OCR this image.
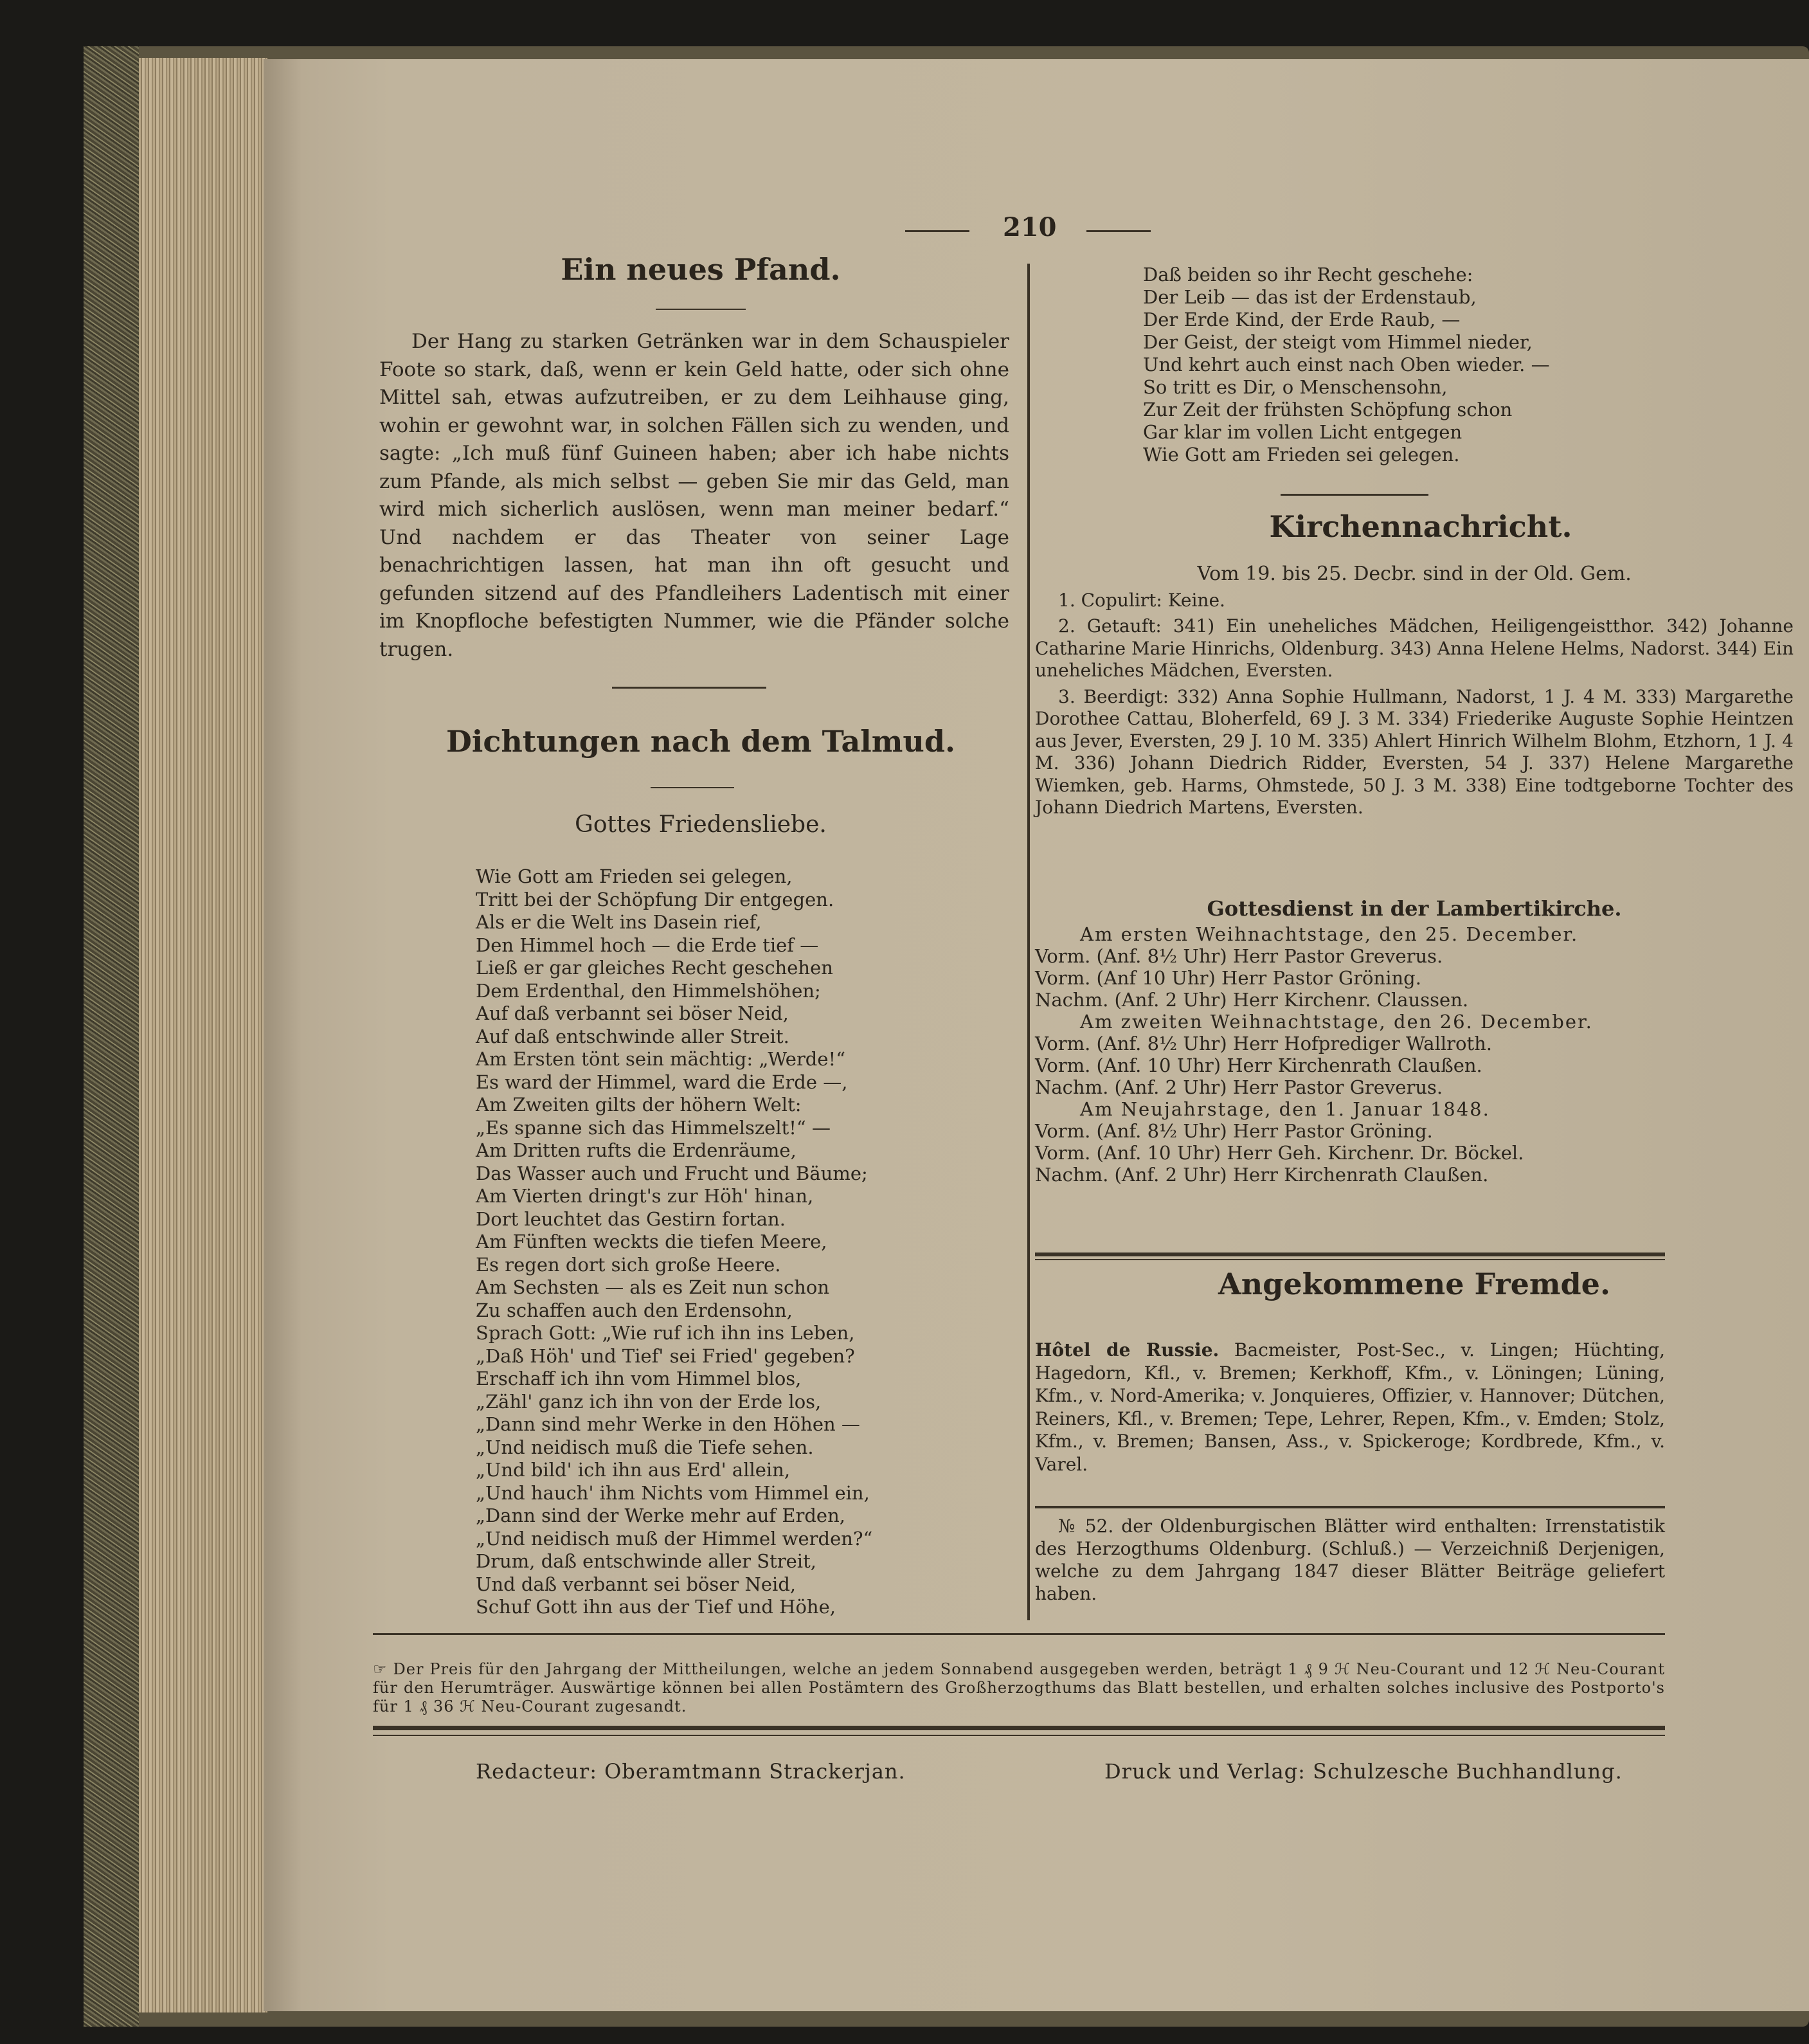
210
Ein neues Pfand.

Der Hang zu starken Getränken war in dem Schauspieler Foote so stark, daß, wenn er kein Geld hatte, oder sich ohne Mittel sah, etwas aufzutreiben, er zu dem Leihhause ging, wohin er gewohnt war, in solchen Fällen sich zu wenden, und sagte: „Ich muß fünf Guineen haben; aber ich habe nichts zum Pfande, als mich selbst — geben Sie mir das Geld, man wird mich sicherlich auslösen, wenn man meiner bedarf.“ Und nachdem er das Theater von seiner Lage benachrichtigen lassen, hat man ihn oft gesucht und gefunden sitzend auf des Pfandleihers Ladentisch mit einer im Knopfloche befestigten Nummer, wie die Pfänder solche trugen.

Dichtungen nach dem Talmud.
Gottes Friedensliebe.
Wie Gott am Frieden sei gelegen,
Tritt bei der Schöpfung Dir entgegen.
Als er die Welt ins Dasein rief,
Den Himmel hoch — die Erde tief —
Ließ er gar gleiches Recht geschehen
Dem Erdenthal, den Himmelshöhen;
Auf daß verbannt sei böser Neid,
Auf daß entschwinde aller Streit.
Am Ersten tönt sein mächtig: „Werde!“
Es ward der Himmel, ward die Erde —,
Am Zweiten gilts der höhern Welt:
„Es spanne sich das Himmelszelt!“ —
Am Dritten rufts die Erdenräume,
Das Wasser auch und Frucht und Bäume;
Am Vierten dringt's zur Höh' hinan,
Dort leuchtet das Gestirn fortan.
Am Fünften weckts die tiefen Meere,
Es regen dort sich große Heere.
Am Sechsten — als es Zeit nun schon
Zu schaffen auch den Erdensohn,
Sprach Gott: „Wie ruf ich ihn ins Leben,
„Daß Höh' und Tief' sei Fried' gegeben?
Erschaff ich ihn vom Himmel blos,
„Zähl' ganz ich ihn von der Erde los,
„Dann sind mehr Werke in den Höhen —
„Und neidisch muß die Tiefe sehen.
„Und bild' ich ihn aus Erd' allein,
„Und hauch' ihm Nichts vom Himmel ein,
„Dann sind der Werke mehr auf Erden,
„Und neidisch muß der Himmel werden?“
Drum, daß entschwinde aller Streit,
Und daß verbannt sei böser Neid,
Schuf Gott ihn aus der Tief und Höhe,
Daß beiden so ihr Recht geschehe:
Der Leib — das ist der Erdenstaub,
Der Erde Kind, der Erde Raub, —
Der Geist, der steigt vom Himmel nieder,
Und kehrt auch einst nach Oben wieder. —
So tritt es Dir, o Menschensohn,
Zur Zeit der frühsten Schöpfung schon
Gar klar im vollen Licht entgegen
Wie Gott am Frieden sei gelegen.
Kirchennachricht.

Vom 19. bis 25. Decbr. sind in der Old. Gem.

1. Copulirt: Keine.

2. Getauft: 341) Ein uneheliches Mädchen, Heiligengeistthor. 342) Johanne Catharine Marie Hinrichs, Oldenburg. 343) Anna Helene Helms, Nadorst. 344) Ein uneheliches Mädchen, Eversten.

3. Beerdigt: 332) Anna Sophie Hullmann, Nadorst, 1 J. 4 M. 333) Margarethe Dorothee Cattau, Bloherfeld, 69 J. 3 M. 334) Friederike Auguste Sophie Heintzen aus Jever, Eversten, 29 J. 10 M. 335) Ahlert Hinrich Wilhelm Blohm, Etzhorn, 1 J. 4 M. 336) Johann Diedrich Ridder, Eversten, 54 J. 337) Helene Margarethe Wiemken, geb. Harms, Ohmstede, 50 J. 3 M. 338) Eine todtgeborne Tochter des Johann Diedrich Martens, Eversten.

Gottesdienst in der Lambertikirche.
Am ersten Weihnachtstage, den 25. December.
Vorm. (Anf. 8½ Uhr) Herr Pastor Greverus.
Vorm. (Anf 10 Uhr) Herr Pastor Gröning.
Nachm. (Anf. 2 Uhr) Herr Kirchenr. Claussen.
Am zweiten Weihnachtstage, den 26. December.
Vorm. (Anf. 8½ Uhr) Herr Hofprediger Wallroth.
Vorm. (Anf. 10 Uhr) Herr Kirchenrath Claußen.
Nachm. (Anf. 2 Uhr) Herr Pastor Greverus.
Am Neujahrstage, den 1. Januar 1848.
Vorm. (Anf. 8½ Uhr) Herr Pastor Gröning.
Vorm. (Anf. 10 Uhr) Herr Geh. Kirchenr. Dr. Böckel.
Nachm. (Anf. 2 Uhr) Herr Kirchenrath Claußen.
Angekommene Fremde.

Hôtel de Russie. Bacmeister, Post-Sec., v. Lingen; Hüchting, Hagedorn, Kfl., v. Bremen; Kerkhoff, Kfm., v. Löningen; Lüning, Kfm., v. Nord-Amerika; v. Jonquieres, Offizier, v. Hannover; Dütchen, Reiners, Kfl., v. Bremen; Tepe, Lehrer, Repen, Kfm., v. Emden; Stolz, Kfm., v. Bremen; Bansen, Ass., v. Spickeroge; Kordbrede, Kfm., v. Varel.

№ 52. der Oldenburgischen Blätter wird enthalten: Irrenstatistik des Herzogthums Oldenburg. (Schluß.) — Verzeichniß Derjenigen, welche zu dem Jahrgang 1847 dieser Blätter Beiträge geliefert haben.

☞ Der Preis für den Jahrgang der Mittheilungen, welche an jedem Sonnabend ausgegeben werden, beträgt 1 ₰ 9 ℋ Neu-Courant und 12 ℋ Neu-Courant für den Herumträger. Auswärtige können bei allen Postämtern des Großherzogthums das Blatt bestellen, und erhalten solches inclusive des Postporto's für 1 ₰ 36 ℋ Neu-Courant zugesandt.
Redacteur: Oberamtmann Strackerjan.	Druck und Verlag: Schulzesche Buchhandlung.
